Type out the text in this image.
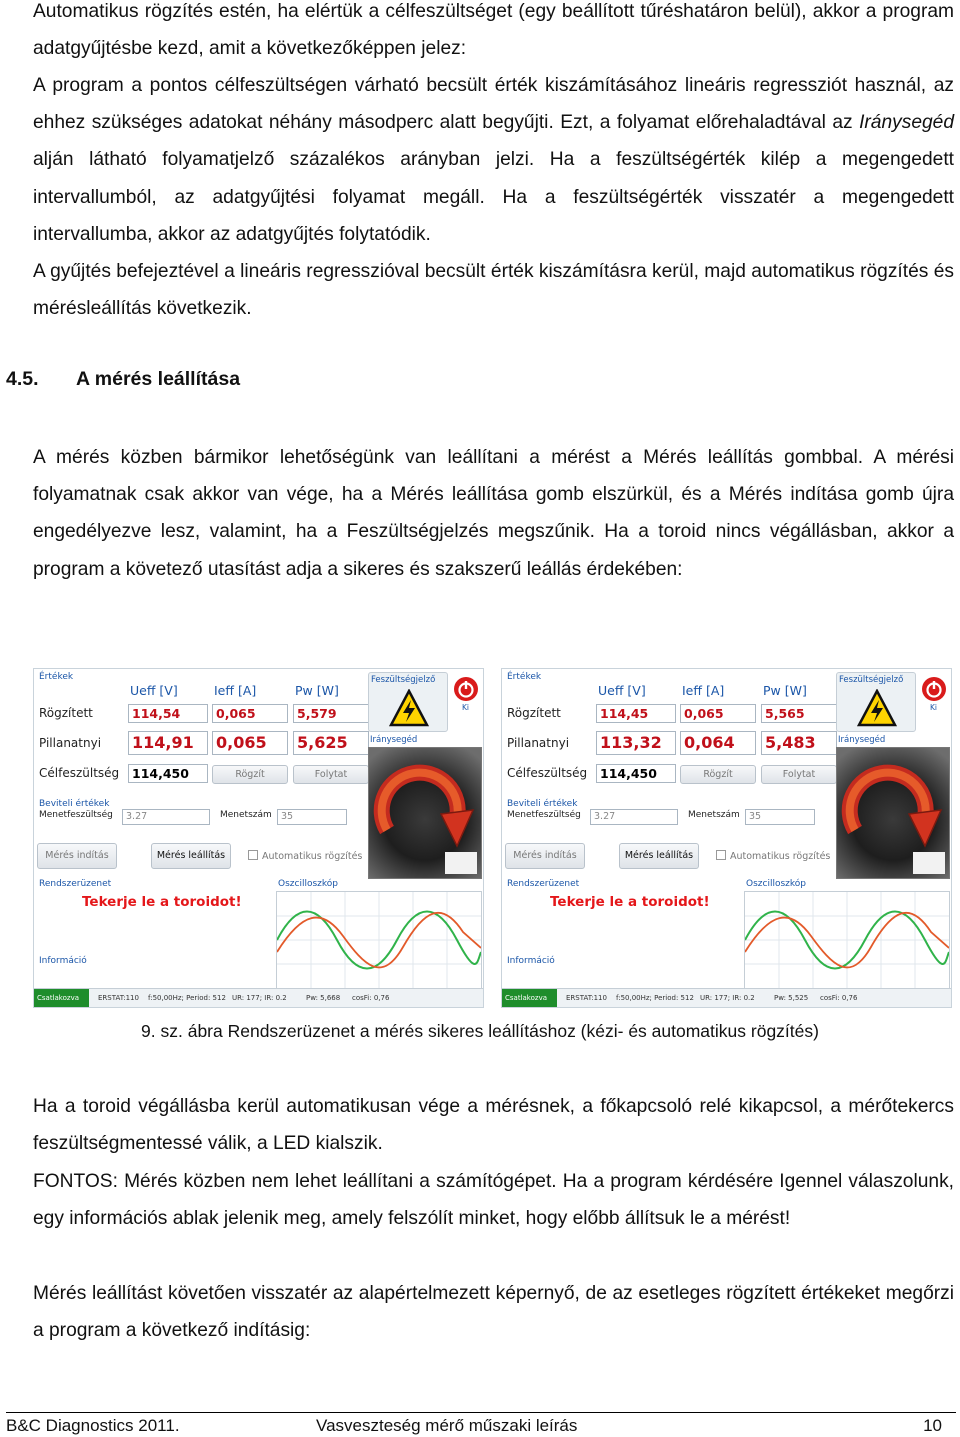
Automatikus rögzítés estén, ha elértük a célfeszültséget (egy beállított tűréshatáron belül), akkor a program adatgyűjtésbe kezd, amit a következőképpen jelez:

A program a pontos célfeszültségen várható becsült érték kiszámításához lineáris regressziót használ, az ehhez szükséges adatokat néhány másodperc alatt begyűjti. Ezt, a folyamat előrehaladtával az Iránysegéd alján látható folyamatjelző százalékos arányban jelzi. Ha a feszültségérték kilép a megengedett intervallumból, az adatgyűjtési folyamat megáll. Ha a feszültségérték visszatér a megengedett intervallumba, akkor az adatgyűjtés folytatódik.

A gyűjtés befejeztével a lineáris regresszióval becsült érték kiszámításra kerül, majd automatikus rögzítés és mérésleállítás következik.

4.5. A mérés leállítása

A mérés közben bármikor lehetőségünk van leállítani a mérést a Mérés leállítás gombbal. A mérési folyamatnak csak akkor van vége, ha a Mérés leállítása gomb elszürkül, és a Mérés indítása gomb újra engedélyezve lesz, valamint, ha a Feszültségjelzés megszűnik. Ha a toroid nincs végállásban, akkor a program a követező utasítást adja a sikeres és szakszerű leállás érdekében:

Értékek
Ueff [V]	Ieff [A]	Pw [W]
Rögzített	114,54	0,065	5,579
Pillanatnyi 114,91	0,065	5,625
Célfeszültség	114,450	Rögzít	Folytat
Feszültségjelző
Ki
Iránysegéd
Beviteli értékek
Menetfeszültség	3.27	Menetszám 35
Mérés indítás	Mérés leállítás	Automatikus rögzítés
Rendszerüzenet
Tekerje le a toroidot!
Információ
Oszcilloszkóp
Csatlakozva	ERSTAT:110 f:50,00Hz; Period: 512 UR: 177; IR: 0.2	Pw: 5,668 cosFi: 0,76
Értékek
Ueff [V]	Ieff [A]	Pw [W]
Rögzített	114,45	0,065	5,565
Pillanatnyi 113,32	0,064	5,483
Célfeszültség	114,450	Rögzít	Folytat
Feszültségjelző
Ki
Iránysegéd
Beviteli értékek
Menetfeszültség	3.27	Menetszám 35
Mérés indítás	Mérés leállítás	Automatikus rögzítés
Rendszerüzenet
Tekerje le a toroidot!
Információ
Oszcilloszkóp
Csatlakozva	ERSTAT:110 f:50,00Hz; Period: 512 UR: 177; IR: 0.2	Pw: 5,525 cosFi: 0,76
9. sz. ábra Rendszerüzenet a mérés sikeres leállításhoz (kézi- és automatikus rögzítés)

Ha a toroid végállásba kerül automatikusan vége a mérésnek, a főkapcsoló relé kikapcsol, a mérőtekercs feszültségmentessé válik, a LED kialszik.

FONTOS: Mérés közben nem lehet leállítani a számítógépet. Ha a program kérdésére Igennel válaszolunk, egy információs ablak jelenik meg, amely felszólít minket, hogy előbb állítsuk le a mérést!

Mérés leállítást követően visszatér az alapértelmezett képernyő, de az esetleges rögzített értékeket megőrzi a program a következő indításig:

B&C Diagnostics 2011.	Vasveszteség mérő műszaki leírás	10
